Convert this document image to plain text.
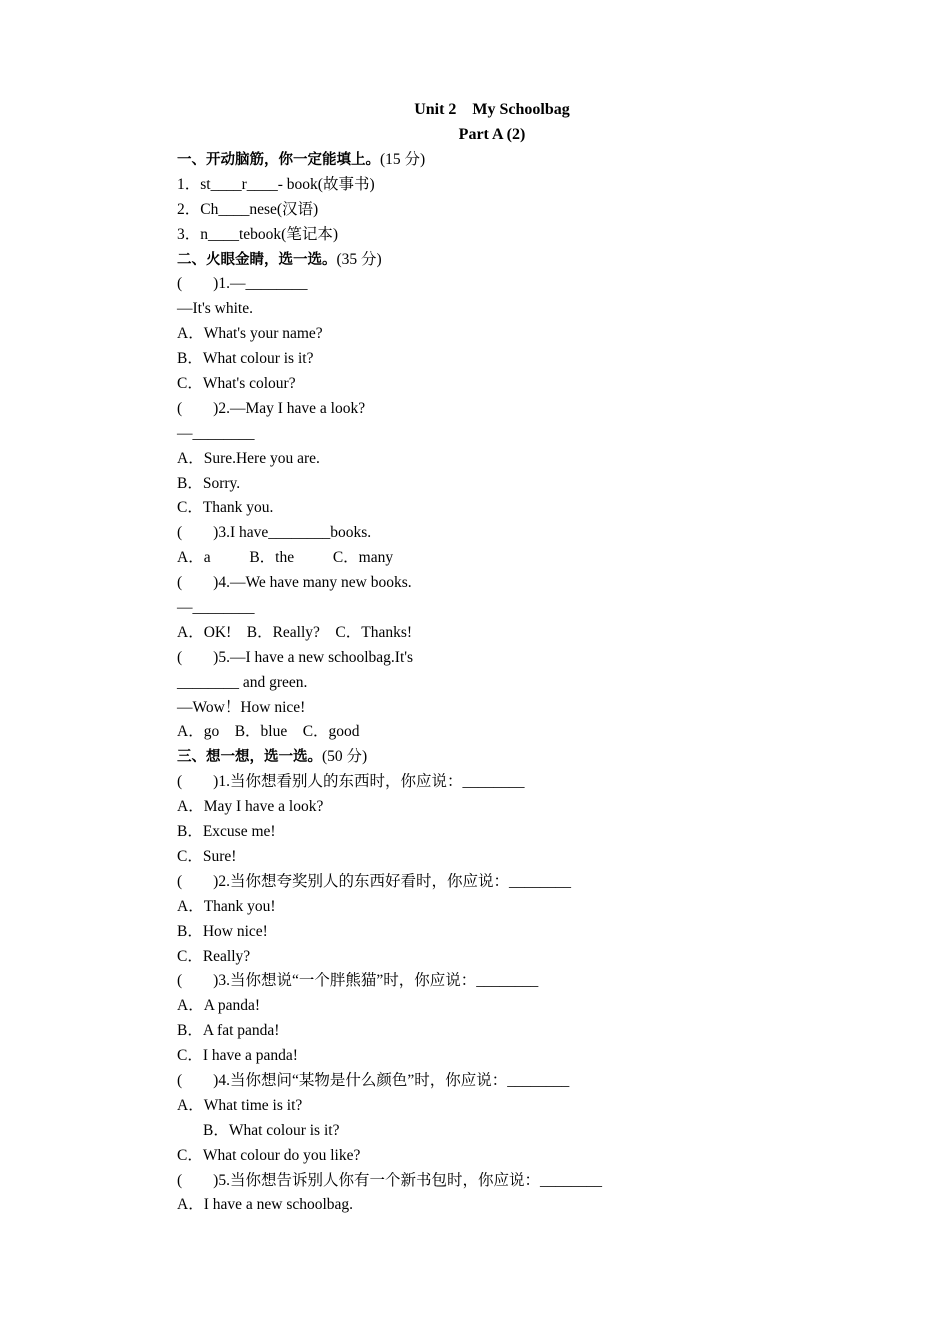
Unit 2    My Schoolbag
Part A (2)
一、开动脑筋，你一定能填上。(15 分)
1．st____r____- book(故事书)
2．Ch____nese(汉语)
3．n____tebook(笔记本)
二、火眼金睛，选一选。(35 分)
(        )1.—________
—It's white.
A．What's your name?
B．What colour is it?
C．What's colour?
(        )2.—May I have a look?
—________
A．Sure.Here you are.
B．Sorry.
C．Thank you.
(        )3.I have________books.
A．a          B．the          C．many
(        )4.—We have many new books.
—________
A．OK!    B．Really?    C．Thanks!
(        )5.—I have a new schoolbag.It's
________ and green.
—Wow！How nice!
A．go    B．blue    C．good
三、想一想，选一选。(50 分)
(        )1.当你想看别人的东西时，你应说：________
A．May I have a look?
B．Excuse me!
C．Sure!
(        )2.当你想夸奖别人的东西好看时，你应说：________
A．Thank you!
B．How nice!
C．Really?
(        )3.当你想说“一个胖熊猫”时，你应说：________
A．A panda!
B．A fat panda!
C．I have a panda!
(        )4.当你想问“某物是什么颜色”时，你应说：________
A．What time is it?
B．What colour is it?
C．What colour do you like?
(        )5.当你想告诉别人你有一个新书包时，你应说：________
A．I have a new schoolbag.
